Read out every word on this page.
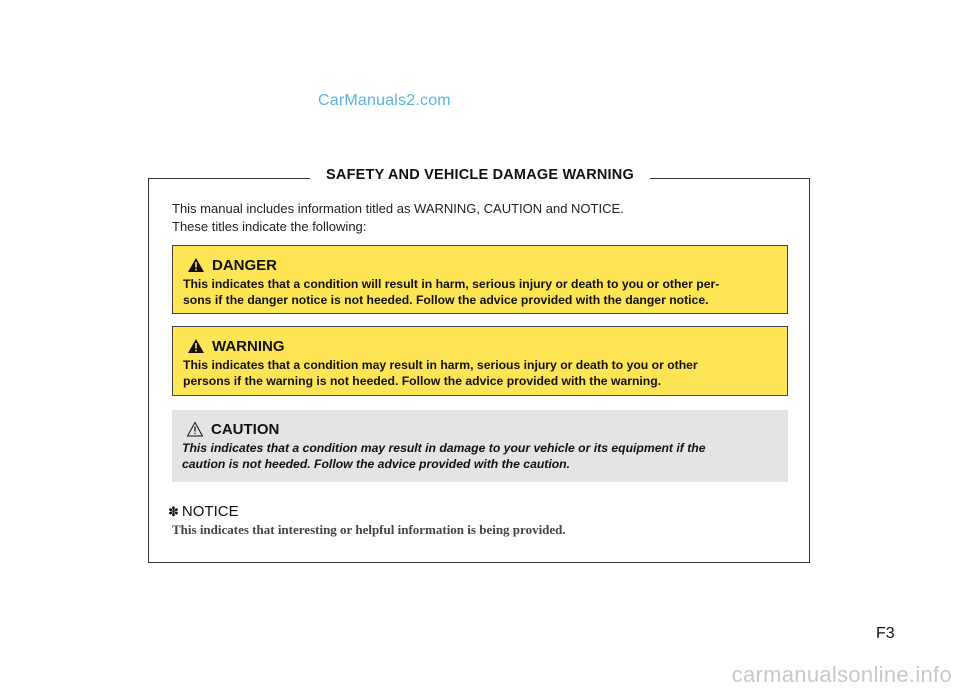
CarManuals2.com
SAFETY AND VEHICLE DAMAGE WARNING
This manual includes information titled as WARNING, CAUTION and NOTICE.
These titles indicate the following:
DANGER
This indicates that a condition will result in harm, serious injury or death to you or other per-
sons if the danger notice is not heeded. Follow the advice provided with the danger notice.
WARNING
This indicates that a condition may result in harm, serious injury or death to you or other
persons if the warning is not heeded. Follow the advice provided with the warning.
CAUTION
This indicates that a condition may result in damage to your vehicle or its equipment if the
caution is not heeded. Follow the advice provided with the caution.
✽ NOTICE
This indicates that interesting or helpful information is being provided.
F3
carmanualsonline.info
